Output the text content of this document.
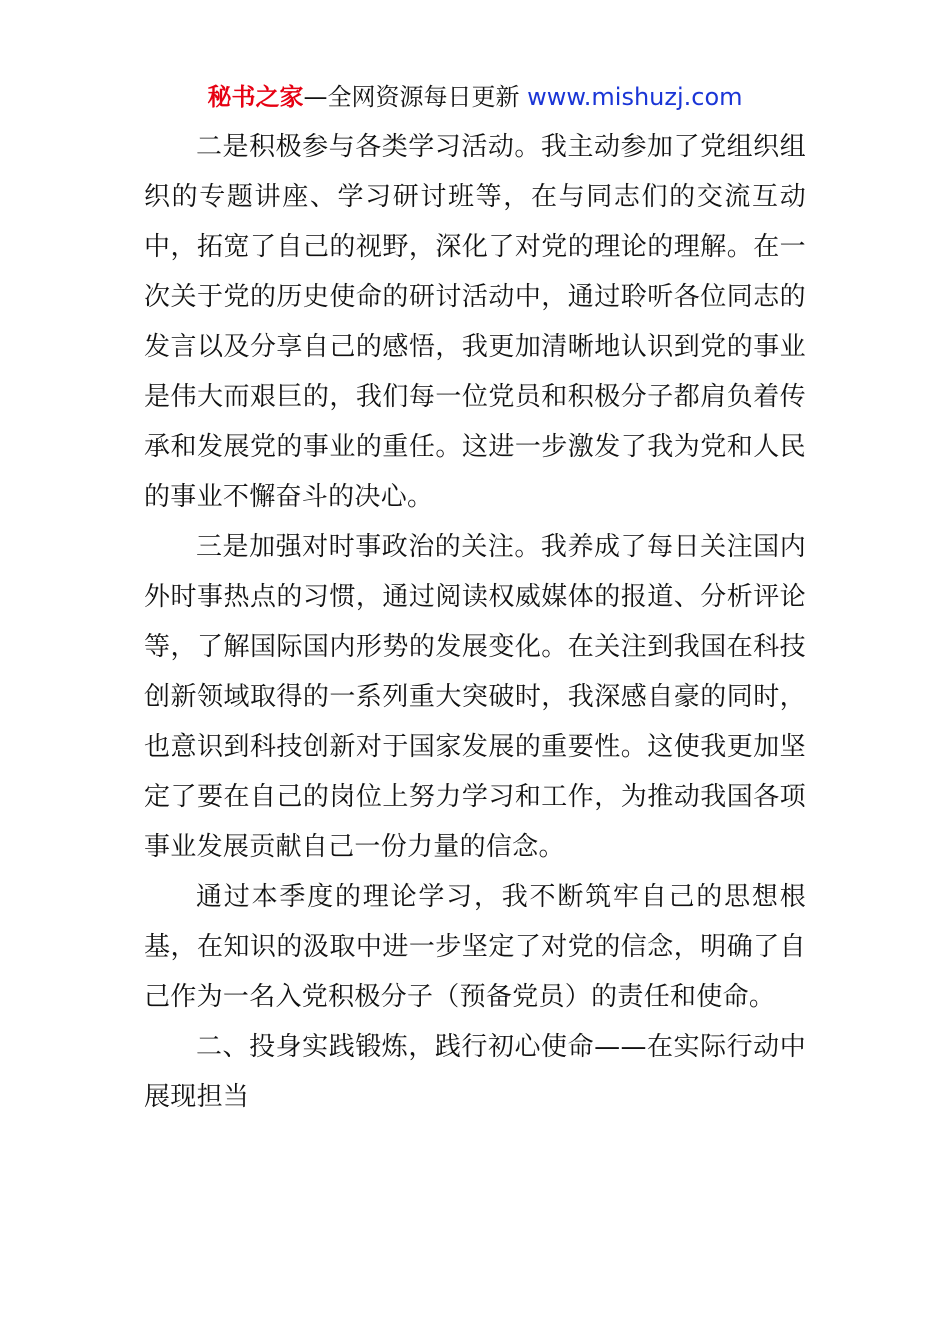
秘书之家—全网资源每日更新 www.mishuzj.com

二是积极参与各类学习活动。我主动参加了党组织组织的专题讲座、学习研讨班等，在与同志们的交流互动中，拓宽了自己的视野，深化了对党的理论的理解。在一次关于党的历史使命的研讨活动中，通过聆听各位同志的发言以及分享自己的感悟，我更加清晰地认识到党的事业是伟大而艰巨的，我们每一位党员和积极分子都肩负着传承和发展党的事业的重任。这进一步激发了我为党和人民的事业不懈奋斗的决心。

三是加强对时事政治的关注。我养成了每日关注国内外时事热点的习惯，通过阅读权威媒体的报道、分析评论等，了解国际国内形势的发展变化。在关注到我国在科技创新领域取得的一系列重大突破时，我深感自豪的同时，也意识到科技创新对于国家发展的重要性。这使我更加坚定了要在自己的岗位上努力学习和工作，为推动我国各项事业发展贡献自己一份力量的信念。

通过本季度的理论学习，我不断筑牢自己的思想根基，在知识的汲取中进一步坚定了对党的信念，明确了自己作为一名入党积极分子（预备党员）的责任和使命。

二、投身实践锻炼，践行初心使命——在实际行动中展现担当
